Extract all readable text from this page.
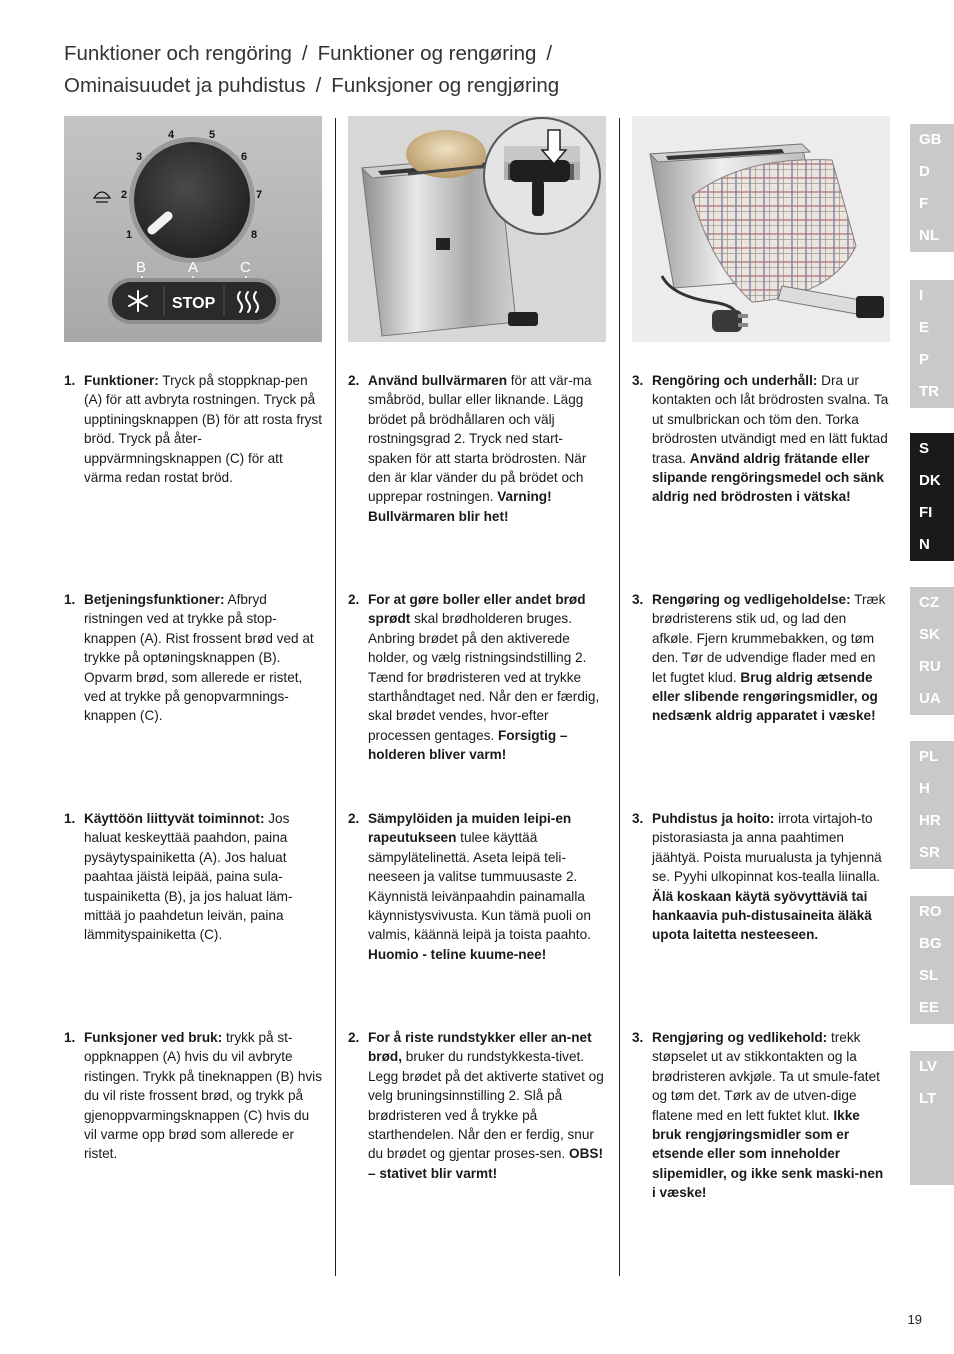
Funktioner och rengöring / Funktioner og rengøring /
Ominaisuudet ja puhdistus / Funksjoner og rengjøring
1
2
3
4	5
6
7
8
B	A	C
STOP
1. Funktioner: Tryck på stoppknap-pen (A) för att avbryta rostningen. Tryck på upptiningsknappen (B) för att rosta fryst bröd. Tryck på åter-uppvärmningsknappen (C) för att värma redan rostat bröd.
2. Använd bullvärmaren för att vär-ma småbröd, bullar eller liknande. Lägg brödet på brödhållaren och välj rostningsgrad 2. Tryck ned start-spaken för att starta brödrosten. När den är klar vänder du på brödet och upprepar rostningen. Varning! Bullvärmaren blir het!
3. Rengöring och underhåll: Dra ur kontakten och låt brödrosten svalna. Ta ut smulbrickan och töm den. Torka brödrosten utvändigt med en lätt fuktad trasa. Använd aldrig frätande eller slipande rengöringsmedel och sänk aldrig ned brödrosten i vätska!
1. Betjeningsfunktioner: Afbryd ristningen ved at trykke på stop-knappen (A). Rist frossent brød ved at trykke på optøningsknappen (B). Opvarm brød, som allerede er ristet, ved at trykke på genopvarmnings-knappen (C).
2. For at gøre boller eller andet brød sprødt skal brødholderen bruges. Anbring brødet på den aktiverede holder, og vælg ristningsindstilling 2. Tænd for brødristeren ved at trykke starthåndtaget ned. Når den er færdig, skal brødet vendes, hvor-efter processen gentages. Forsigtig – holderen bliver varm!
3. Rengøring og vedligeholdelse: Træk brødristerens stik ud, og lad den afkøle. Fjern krummebakken, og tøm den. Tør de udvendige flader med en let fugtet klud. Brug aldrig ætsende eller slibende rengøringsmidler, og nedsænk aldrig apparatet i væske!
1. Käyttöön liittyvät toiminnot: Jos haluat keskeyttää paahdon, paina pysäytyspainiketta (A). Jos haluat paahtaa jäistä leipää, paina sula-tuspainiketta (B), ja jos haluat läm-mittää jo paahdetun leivän, paina lämmityspainiketta (C).
2. Sämpylöiden ja muiden leipi-en rapeutukseen tulee käyttää sämpylätelinettä. Aseta leipä teli-neeseen ja valitse tummuusaste 2. Käynnistä leivänpaahdin painamalla käynnistysvivusta. Kun tämä puoli on valmis, käännä leipä ja toista paahto. Huomio - teline kuume-nee!
3. Puhdistus ja hoito: irrota virtajoh-to pistorasiasta ja anna paahtimen jäähtyä. Poista murualusta ja tyhjennä se. Pyyhi ulkopinnat kos-tealla liinalla. Älä koskaan käytä syövyttäviä tai hankaavia puh-distusaineita äläkä upota laitetta nesteeseen.
1. Funksjoner ved bruk: trykk på st-oppknappen (A) hvis du vil avbryte ristingen. Trykk på tineknappen (B) hvis du vil riste frossent brød, og trykk på gjenoppvarmingsknappen (C) hvis du vil varme opp brød som allerede er ristet.
2. For å riste rundstykker eller an-net brød, bruker du rundstykkesta-tivet. Legg brødet på det aktiverte stativet og velg bruningsinnstilling 2. Slå på brødristeren ved å trykke på starthendelen. Når den er ferdig, snur du brødet og gjentar proses-sen. OBS! – stativet blir varmt!
3. Rengjøring og vedlikehold: trekk støpselet ut av stikkontakten og la brødristeren avkjøle. Ta ut smule-fatet og tøm det. Tørk av de utven-dige flatene med en lett fuktet klut. Ikke bruk rengjøringsmidler som er etsende eller som inneholder slipemidler, og ikke senk maski-nen i væske!
GB
D
F
NL
I
E
P
TR
S
DK
FI
N
CZ
SK
RU
UA
PL
H
HR
SR
RO
BG
SL
EE
LV
LT
19
